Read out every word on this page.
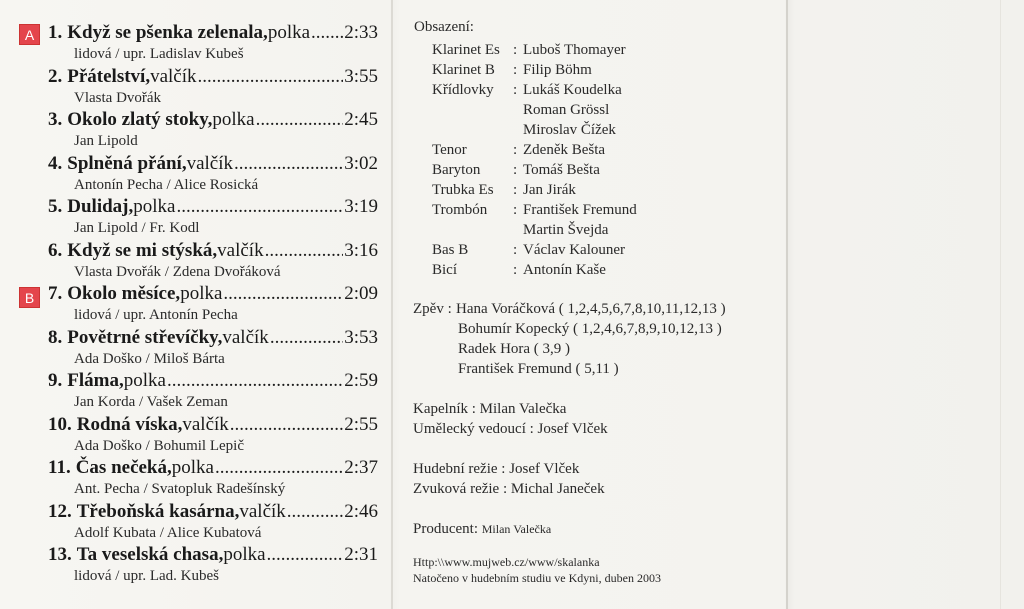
A
B
1. Když se pšenka zelenala, polka ..... 2:33
lidová / upr. Ladislav Kubeš
2. Přátelství, valčík .....	3:55
Vlasta Dvořák
3. Okolo zlatý stoky, polka .....	2:45
Jan Lipold
4. Splněná přání, valčík .....	3:02
Antonín Pecha / Alice Rosická
5. Dulidaj, polka .....	3:19
Jan Lipold / Fr. Kodl
6. Když se mi stýská, valčík .....	3:16
Vlasta Dvořák / Zdena Dvořáková
7. Okolo měsíce, polka .....	2:09
lidová / upr. Antonín Pecha
8. Povětrné střevíčky, valčík .....	3:53
Ada Doško / Miloš Bárta
9. Fláma, polka .....	2:59
Jan Korda / Vašek Zeman
10. Rodná víska, valčík .....	2:55
Ada Doško / Bohumil Lepič
11. Čas nečeká, polka .....	2:37
Ant. Pecha / Svatopluk Radešínský
12. Třeboňská kasárna, valčík .....	2:46
Adolf Kubata / Alice Kubatová
13. Ta veselská chasa, polka .....	2:31
lidová / upr. Lad. Kubeš
Obsazení:
Klarinet Es : Luboš Thomayer
Klarinet B : Filip Böhm
Křídlovky : Lukáš Koudelka
Roman Grössl
Miroslav Čížek
Tenor	: Zdeněk Bešta
Baryton : Tomáš Bešta
Trubka Es : Jan Jirák
Trombón : František Fremund
Martin Švejda
Bas B	: Václav Kalouner
Bicí	: Antonín Kaše
Zpěv : Hana Voráčková ( 1,2,4,5,6,7,8,10,11,12,13 )
Bohumír Kopecký ( 1,2,4,6,7,8,9,10,12,13 )
Radek Hora ( 3,9 )
František Fremund ( 5,11 )
Kapelník : Milan Valečka
Umělecký vedoucí : Josef Vlček
Hudební režie : Josef Vlček
Zvuková režie : Michal Janeček
Producent: Milan Valečka
Http:\\www.mujweb.cz/www/skalanka
Natočeno v hudebním studiu ve Kdyni, duben 2003
